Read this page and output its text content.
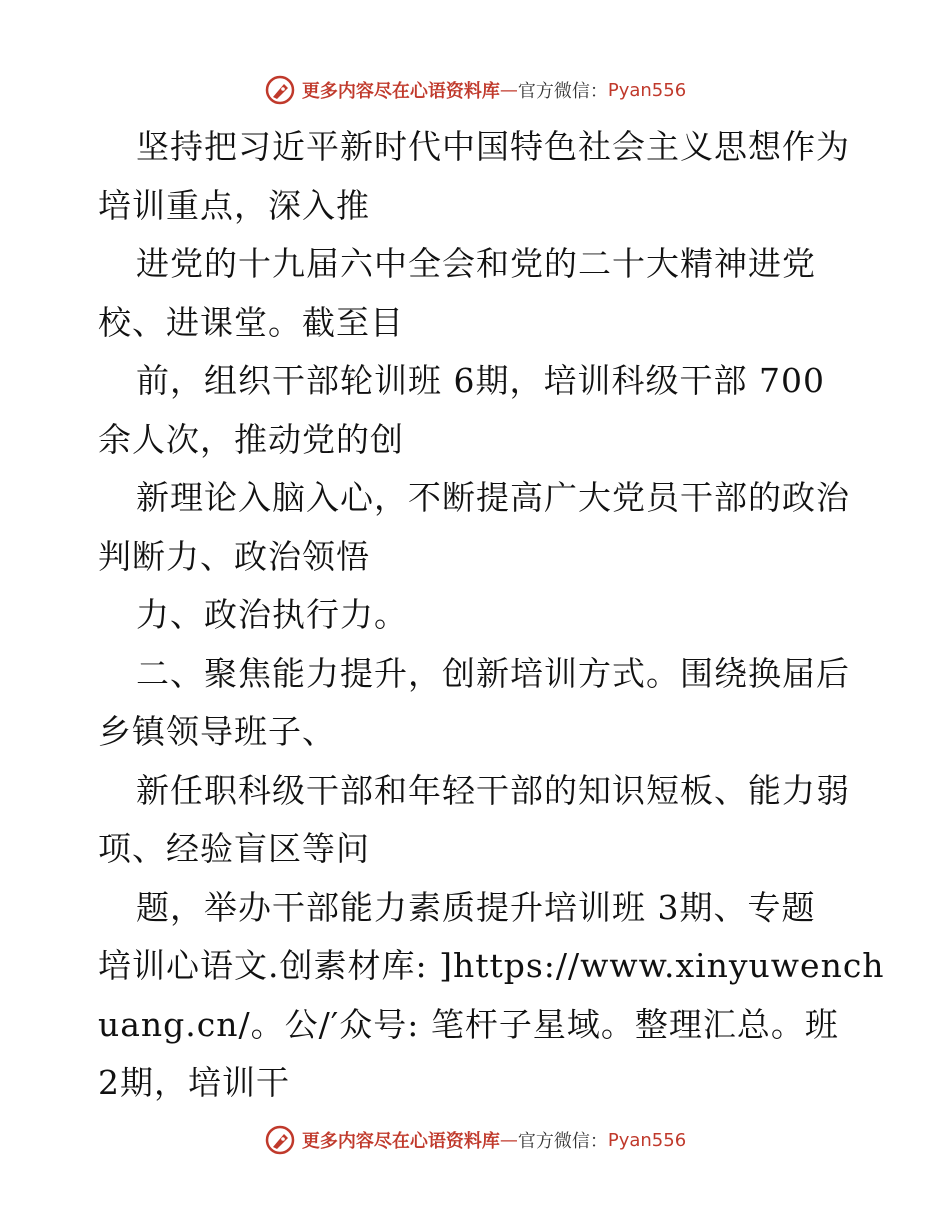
更多内容尽在心语资料库 — 官方微信： Pyan556
坚持把习近平新时代中国特色社会主义思想作为
培训重点，深入推
进党的十九届六中全会和党的二十大精神进党
校、进课堂。截至目
前，组织干部轮训班 6期，培训科级干部 700
余人次，推动党的创
新理论入脑入心，不断提高广大党员干部的政治
判断力、政治领悟
力、政治执行力。
二、聚焦能力提升，创新培训方式。围绕换届后
乡镇领导班子、
新任职科级干部和年轻干部的知识短板、能力弱
项、经验盲区等问
题，举办干部能力素质提升培训班 3期、专题
培训心语文.创素材库: ]https://www.xinyuwench
uang.cn/。公/′众号: 笔杆子星域。整理汇总。班
2期，培训干
更多内容尽在心语资料库 — 官方微信： Pyan556
